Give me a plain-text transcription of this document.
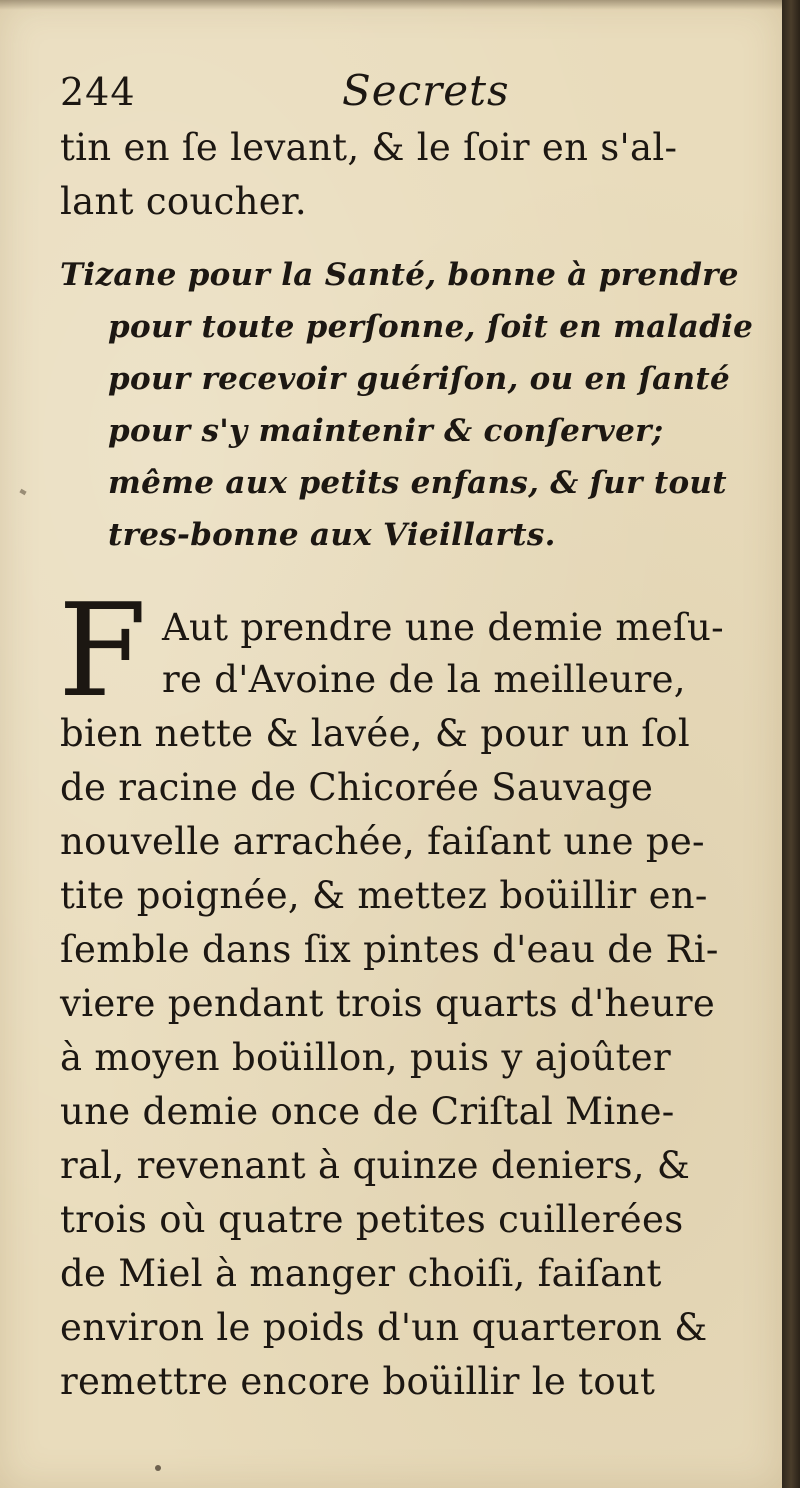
244	Secrets
tin en ſe levant, & le ſoir en s'al-
lant coucher.
Tizane pour la Santé, bonne à prendre
pour toute perſonne, ſoit en maladie
pour recevoir guériſon, ou en ſanté
pour s'y maintenir & conſerver;
même aux petits enfans, & ſur tout
tres-bonne aux Vieillarts.
F Aut prendre une demie meſu-
re d'Avoine de la meilleure,
bien nette & lavée, & pour un ſol
de racine de Chicorée Sauvage
nouvelle arrachée, faiſant une pe-
tite poignée, & mettez boüillir en-
ſemble dans ſix pintes d'eau de Ri-
viere pendant trois quarts d'heure
à moyen boüillon, puis y ajoûter
une demie once de Criſtal Mine-
ral, revenant à quinze deniers, &
trois où quatre petites cuillerées
de Miel à manger choiſi, faiſant
environ le poids d'un quarteron &
remettre encore boüillir le tout
